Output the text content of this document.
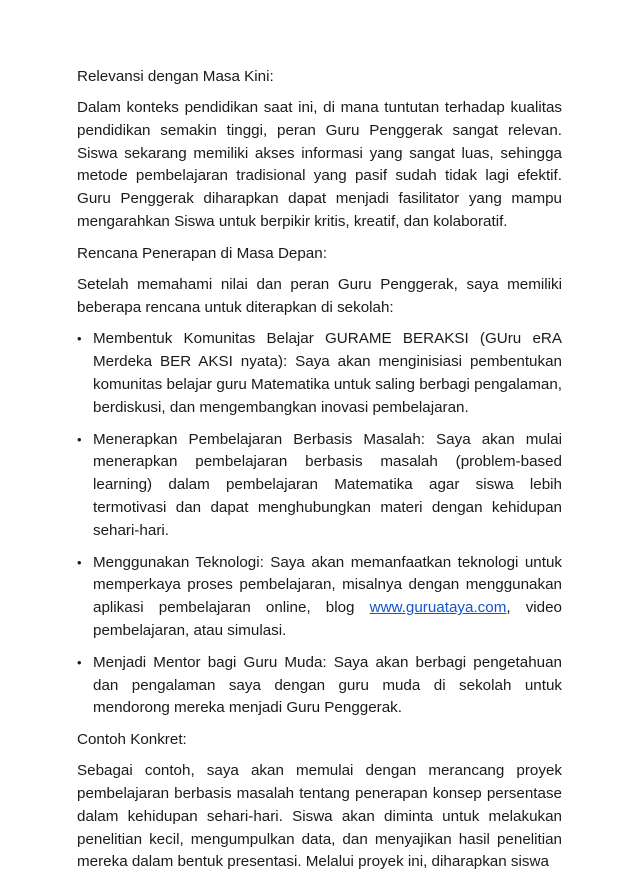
Relevansi dengan Masa Kini:

Dalam konteks pendidikan saat ini, di mana tuntutan terhadap kualitas pendidikan semakin tinggi, peran Guru Penggerak sangat relevan. Siswa sekarang memiliki akses informasi yang sangat luas, sehingga metode pembelajaran tradisional yang pasif sudah tidak lagi efektif. Guru Penggerak diharapkan dapat menjadi fasilitator yang mampu mengarahkan Siswa untuk berpikir kritis, kreatif, dan kolaboratif.

Rencana Penerapan di Masa Depan:

Setelah memahami nilai dan peran Guru Penggerak, saya memiliki beberapa rencana untuk diterapkan di sekolah:

• Membentuk Komunitas Belajar GURAME BERAKSI (GUru eRA Merdeka BER AKSI nyata): Saya akan menginisiasi pembentukan komunitas belajar guru Matematika untuk saling berbagi pengalaman, berdiskusi, dan mengembangkan inovasi pembelajaran.
• Menerapkan Pembelajaran Berbasis Masalah: Saya akan mulai menerapkan pembelajaran berbasis masalah (problem-based learning) dalam pembelajaran Matematika agar siswa lebih termotivasi dan dapat menghubungkan materi dengan kehidupan sehari-hari.
• Menggunakan Teknologi: Saya akan memanfaatkan teknologi untuk memperkaya proses pembelajaran, misalnya dengan menggunakan aplikasi pembelajaran online, blog www.guruataya.com, video pembelajaran, atau simulasi.
• Menjadi Mentor bagi Guru Muda: Saya akan berbagi pengetahuan dan pengalaman saya dengan guru muda di sekolah untuk mendorong mereka menjadi Guru Penggerak.

Contoh Konkret:

Sebagai contoh, saya akan memulai dengan merancang proyek pembelajaran berbasis masalah tentang penerapan konsep persentase dalam kehidupan sehari-hari. Siswa akan diminta untuk melakukan penelitian kecil, mengumpulkan data, dan menyajikan hasil penelitian mereka dalam bentuk presentasi. Melalui proyek ini, diharapkan siswa
